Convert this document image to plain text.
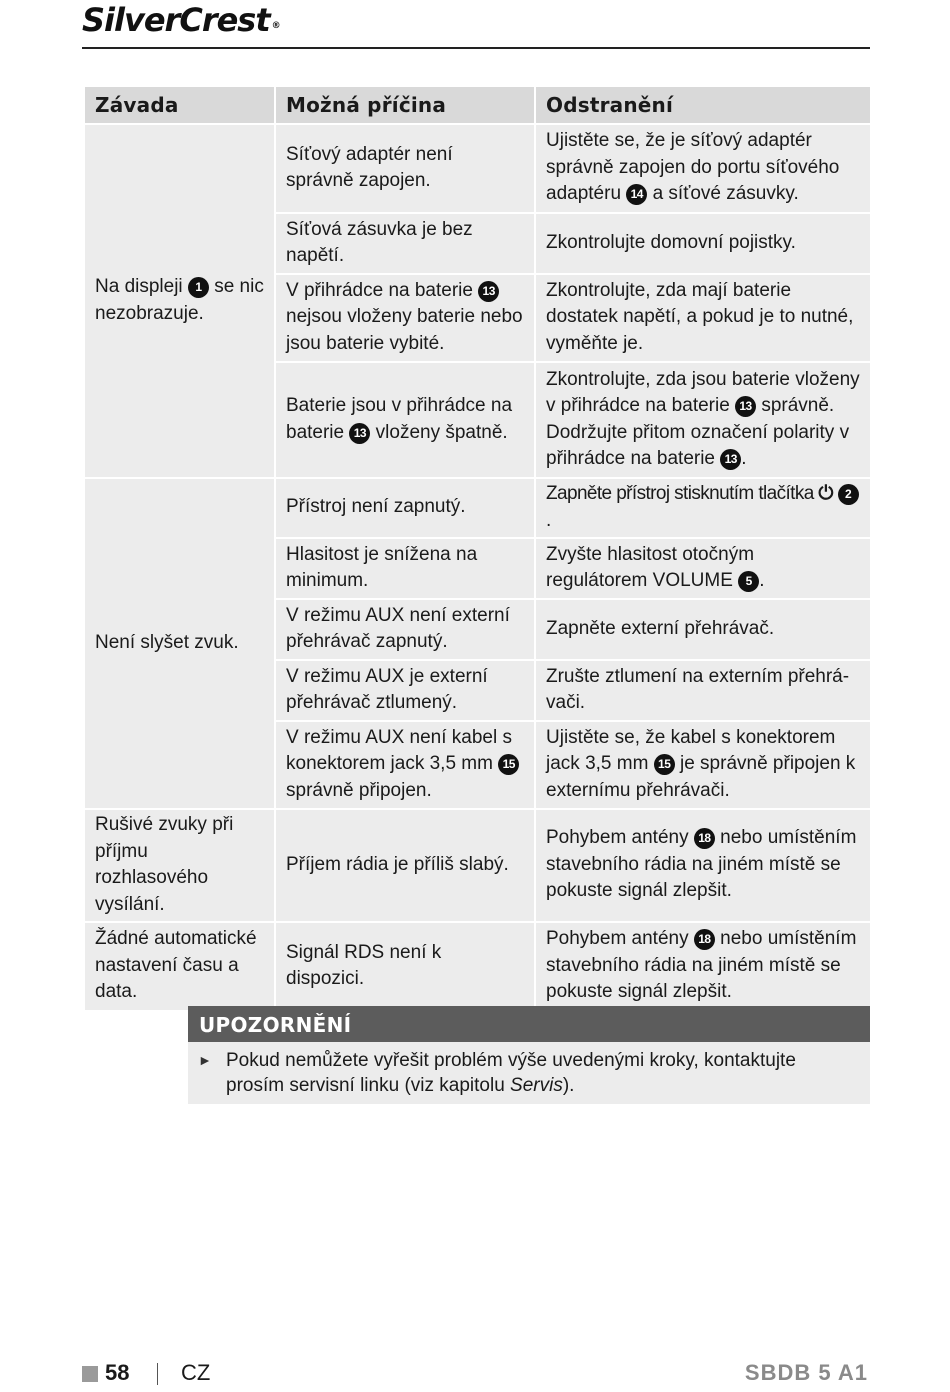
SilverCrest ®
Závada	Možná příčina	Odstranění
Na displeji 1 se nic nezobrazuje.	Síťový adaptér není správně zapojen.	Ujistěte se, že je síťový adaptér správně zapojen do portu síťového adaptéru 14 a síťové zásuvky.
	Síťová zásuvka je bez napětí.	Zkontrolujte domovní pojistky.
	V přihrádce na baterie 13 nejsou vloženy baterie nebo jsou baterie vybité.	Zkontrolujte, zda mají baterie dostatek napětí, a pokud je to nutné, vyměňte je.
	Baterie jsou v přihrádce na baterie 13 vloženy špatně.	Zkontrolujte, zda jsou baterie vloženy v přihrádce na baterie 13 správně. Dodržujte přitom označení polarity v přihrádce na baterie 13 .
Není slyšet zvuk.	Přístroj není zapnutý.	Zapněte přístroj stisknutím tlačítka ⏻ 2.
	Hlasitost je snížena na minimum.	Zvyšte hlasitost otočným regulátorem VOLUME 5 .
	V režimu AUX není externí přehrávač zapnutý.	Zapněte externí přehrávač.
	V režimu AUX je externí přehrávač ztlumený.	Zrušte ztlumení na externím přehrávači.
	V režimu AUX není kabel s konektorem jack 3,5 mm 15 správně připojen.	Ujistěte se, že kabel s konektorem jack 3,5 mm 15 je správně připojen k externímu přehrávači.
Rušivé zvuky při příjmu rozhlasového vysílání.	Příjem rádia je příliš slabý.	Pohybem antény 18 nebo umístěním stavebního rádia na jiném místě se pokuste signál zlepšit.
Žádné automatické nastavení času a data.	Signál RDS není k dispozici.	Pohybem antény 18 nebo umístěním stavebního rádia na jiném místě se pokuste signál zlepšit.
UPOZORNĚNÍ
► Pokud nemůžete vyřešit problém výše uvedenými kroky, kontaktujte prosím servisní linku (viz kapitolu Servis).
58 CZ	SBDB 5 A1
